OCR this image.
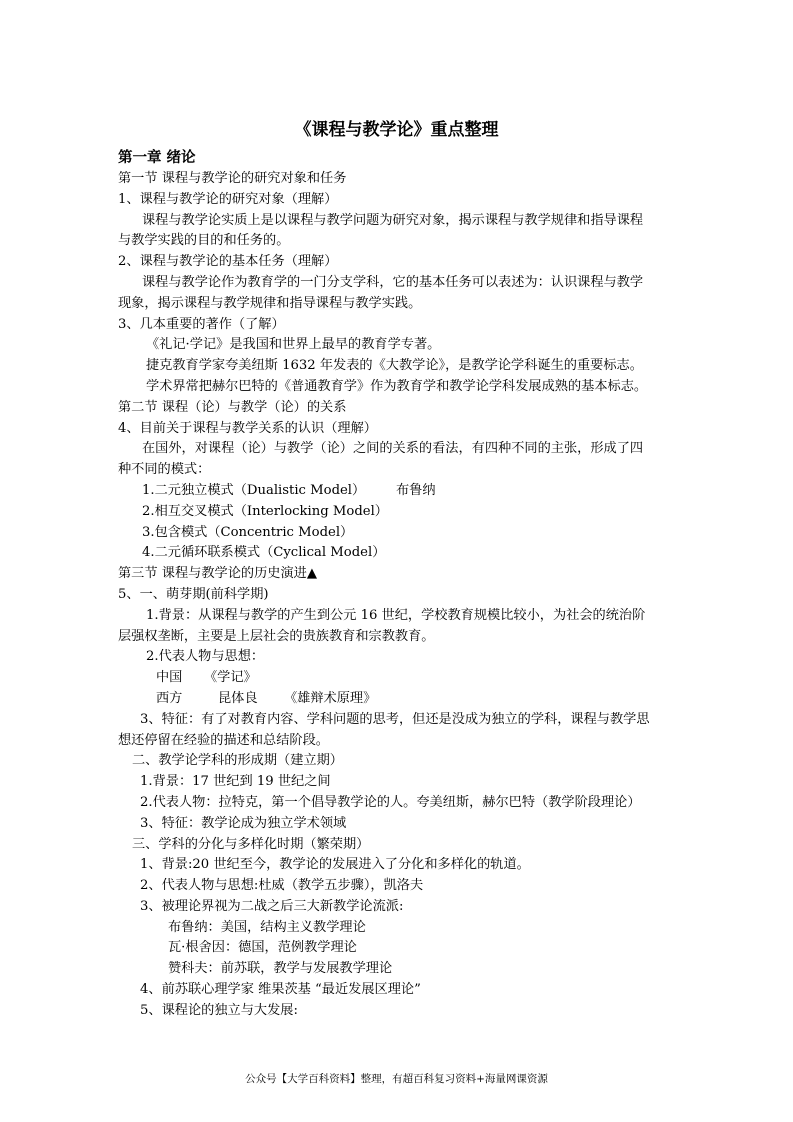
《课程与教学论》重点整理
第一章 绪论
第一节 课程与教学论的研究对象和任务
1、课程与教学论的研究对象（理解）
课程与教学论实质上是以课程与教学问题为研究对象，揭示课程与教学规律和指导课程
与教学实践的目的和任务的。
2、课程与教学论的基本任务（理解）
课程与教学论作为教育学的一门分支学科，它的基本任务可以表述为：认识课程与教学
现象，揭示课程与教学规律和指导课程与教学实践。
3、几本重要的著作（了解）
《礼记·学记》是我国和世界上最早的教育学专著。
捷克教育学家夸美纽斯 1632 年发表的《大教学论》，是教学论学科诞生的重要标志。
学术界常把赫尔巴特的《普通教育学》作为教育学和教学论学科发展成熟的基本标志。
第二节 课程（论）与教学（论）的关系
4、目前关于课程与教学关系的认识（理解）
在国外，对课程（论）与教学（论）之间的关系的看法，有四种不同的主张，形成了四
种不同的模式：
1.二元独立模式（Dualistic Model） 布鲁纳
2.相互交叉模式（Interlocking Model）
3.包含模式（Concentric Model）
4.二元循环联系模式（Cyclical Model）
第三节 课程与教学论的历史演进▲
5、一、萌芽期(前科学期)
1.背景：从课程与教学的产生到公元 16 世纪，学校教育规模比较小，为社会的统治阶
层强权垄断，主要是上层社会的贵族教育和宗教教育。
2.代表人物与思想：
中国 《学记》
西方	昆体良 《雄辩术原理》
3、特征：有了对教育内容、学科问题的思考，但还是没成为独立的学科，课程与教学思
想还停留在经验的描述和总结阶段。
二、教学论学科的形成期（建立期）
1.背景：17 世纪到 19 世纪之间
2.代表人物：拉特克，第一个倡导教学论的人。夸美纽斯，赫尔巴特（教学阶段理论）
3、特征：教学论成为独立学术领域
三、学科的分化与多样化时期（繁荣期）
1、背景:20 世纪至今，教学论的发展进入了分化和多样化的轨道。
2、代表人物与思想:杜威（教学五步骤），凯洛夫
3、被理论界视为二战之后三大新教学论流派:
布鲁纳：美国，结构主义教学理论
瓦·根舍因：德国，范例教学理论
赞科夫：前苏联，教学与发展教学理论
4、前苏联心理学家 维果茨基 “最近发展区理论”
5、课程论的独立与大发展:
公众号【大学百科资料】整理，有超百科复习资料+海量网课资源
